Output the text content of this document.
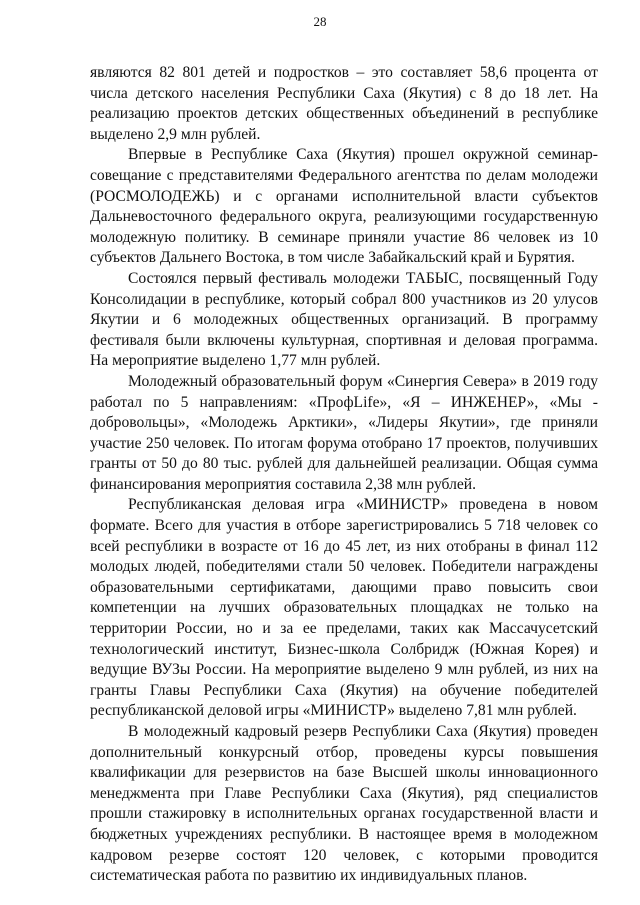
28

являются 82 801 детей и подростков – это составляет 58,6 процента от числа детского населения Республики Саха (Якутия) с 8 до 18 лет. На реализацию проектов детских общественных объединений в республике выделено 2,9 млн рублей.

Впервые в Республике Саха (Якутия) прошел окружной семинар-совещание с представителями Федерального агентства по делам молодежи (РОСМОЛОДЕЖЬ) и с органами исполнительной власти субъектов Дальневосточного федерального округа, реализующими государственную молодежную политику. В семинаре приняли участие 86 человек из 10 субъектов Дальнего Востока, в том числе Забайкальский край и Бурятия.

Состоялся первый фестиваль молодежи ТАБЫС, посвященный Году Консолидации в республике, который собрал 800 участников из 20 улусов Якутии и 6 молодежных общественных организаций. В программу фестиваля были включены культурная, спортивная и деловая программа. На мероприятие выделено 1,77 млн рублей.

Молодежный образовательный форум «Синергия Севера» в 2019 году работал по 5 направлениям: «ПрофLife», «Я – ИНЖЕНЕР», «Мы - добровольцы», «Молодежь Арктики», «Лидеры Якутии», где приняли участие 250 человек. По итогам форума отобрано 17 проектов, получивших гранты от 50 до 80 тыс. рублей для дальнейшей реализации. Общая сумма финансирования мероприятия составила 2,38 млн рублей.

Республиканская деловая игра «МИНИСТР» проведена в новом формате. Всего для участия в отборе зарегистрировались 5 718 человек со всей республики в возрасте от 16 до 45 лет, из них отобраны в финал 112 молодых людей, победителями стали 50 человек. Победители награждены образовательными сертификатами, дающими право повысить свои компетенции на лучших образовательных площадках не только на территории России, но и за ее пределами, таких как Массачусетский технологический институт, Бизнес-школа Солбридж (Южная Корея) и ведущие ВУЗы России. На мероприятие выделено 9 млн рублей, из них на гранты Главы Республики Саха (Якутия) на обучение победителей республиканской деловой игры «МИНИСТР» выделено 7,81 млн рублей.

В молодежный кадровый резерв Республики Саха (Якутия) проведен дополнительный конкурсный отбор, проведены курсы повышения квалификации для резервистов на базе Высшей школы инновационного менеджмента при Главе Республики Саха (Якутия), ряд специалистов прошли стажировку в исполнительных органах государственной власти и бюджетных учреждениях республики. В настоящее время в молодежном кадровом резерве состоят 120 человек, с которыми проводится систематическая работа по развитию их индивидуальных планов.
